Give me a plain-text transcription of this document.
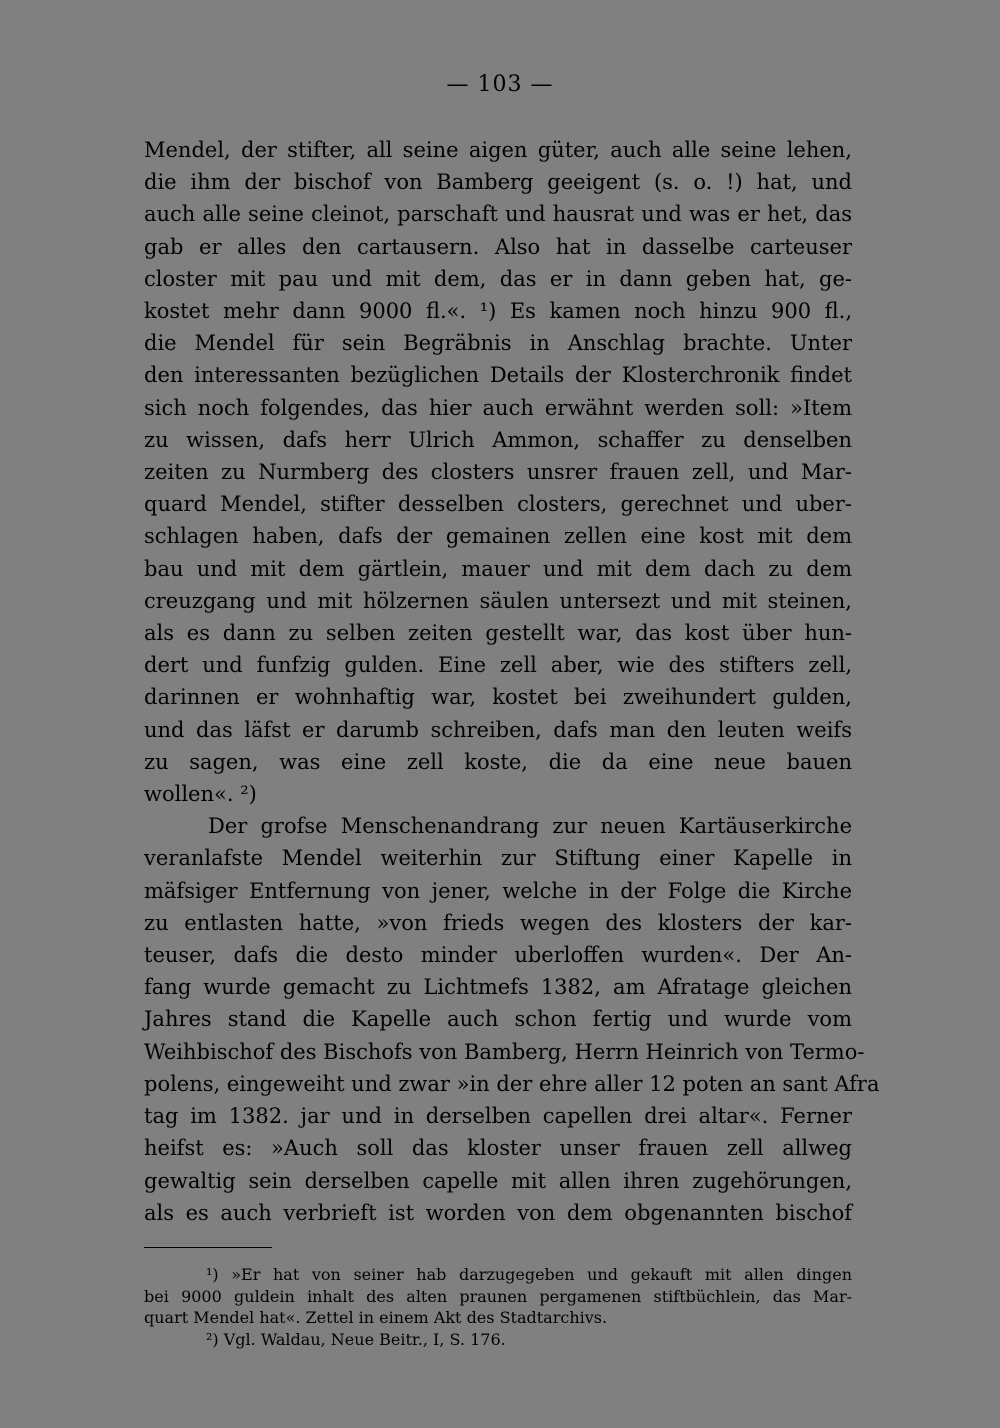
— 103 —
Mendel, der stifter, all seine aigen güter, auch alle seine lehen,
die ihm der bischof von Bamberg geeigent (s. o. !) hat, und
auch alle seine cleinot, parschaft und hausrat und was er het, das
gab er alles den cartausern. Also hat in dasselbe carteuser
closter mit pau und mit dem, das er in dann geben hat, ge-
kostet mehr dann 9000 fl.«. ¹) Es kamen noch hinzu 900 fl.,
die Mendel für sein Begräbnis in Anschlag brachte. Unter
den interessanten bezüglichen Details der Klosterchronik findet
sich noch folgendes, das hier auch erwähnt werden soll: »Item
zu wissen, dafs herr Ulrich Ammon, schaffer zu denselben
zeiten zu Nurmberg des closters unsrer frauen zell, und Mar-
quard Mendel, stifter desselben closters, gerechnet und uber-
schlagen haben, dafs der gemainen zellen eine kost mit dem
bau und mit dem gärtlein, mauer und mit dem dach zu dem
creuzgang und mit hölzernen säulen untersezt und mit steinen,
als es dann zu selben zeiten gestellt war, das kost über hun-
dert und funfzig gulden. Eine zell aber, wie des stifters zell,
darinnen er wohnhaftig war, kostet bei zweihundert gulden,
und das läfst er darumb schreiben, dafs man den leuten weifs
zu sagen, was eine zell koste, die da eine neue bauen
wollen«. ²)
Der grofse Menschenandrang zur neuen Kartäuserkirche
veranlafste Mendel weiterhin zur Stiftung einer Kapelle in
mäfsiger Entfernung von jener, welche in der Folge die Kirche
zu entlasten hatte, »von frieds wegen des klosters der kar-
teuser, dafs die desto minder uberloffen wurden«. Der An-
fang wurde gemacht zu Lichtmefs 1382, am Afratage gleichen
Jahres stand die Kapelle auch schon fertig und wurde vom
Weihbischof des Bischofs von Bamberg, Herrn Heinrich von Termo-
polens, eingeweiht und zwar »in der ehre aller 12 poten an sant Afra
tag im 1382. jar und in derselben capellen drei altar«. Ferner
heifst es: »Auch soll das kloster unser frauen zell allweg
gewaltig sein derselben capelle mit allen ihren zugehörungen,
als es auch verbrieft ist worden von dem obgenannten bischof
¹) »Er hat von seiner hab darzugegeben und gekauft mit allen dingen
bei 9000 guldein inhalt des alten praunen pergamenen stiftbüchlein, das Mar-
quart Mendel hat«. Zettel in einem Akt des Stadtarchivs.
²) Vgl. Waldau, Neue Beitr., I, S. 176.
